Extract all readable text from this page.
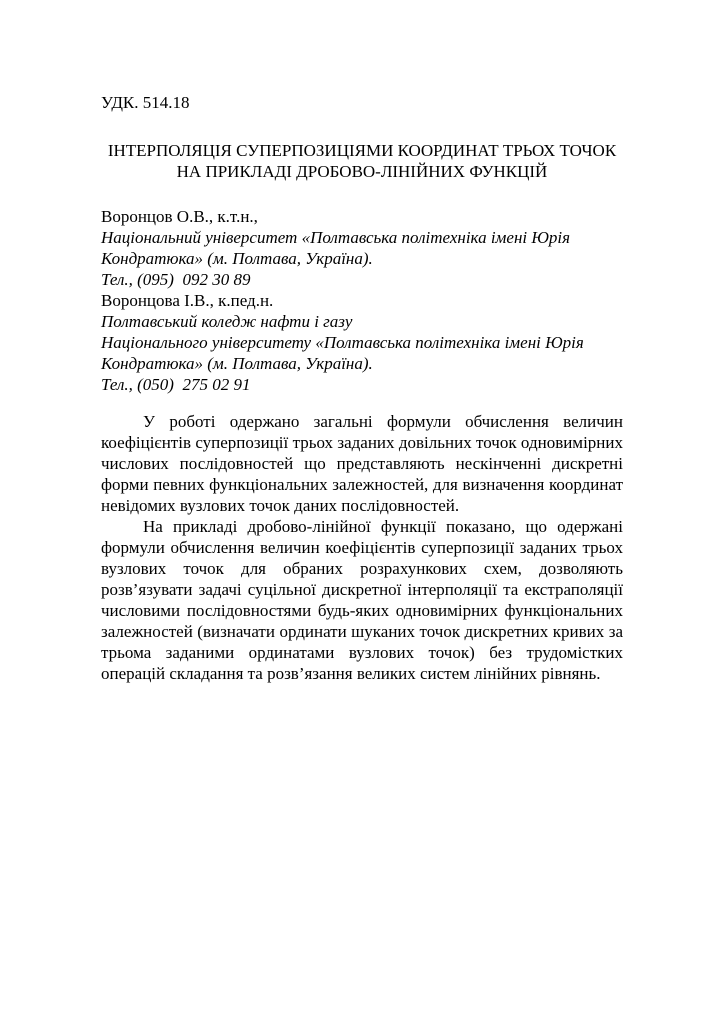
УДК. 514.18

ІНТЕРПОЛЯЦІЯ СУПЕРПОЗИЦІЯМИ КООРДИНАТ ТРЬОХ ТОЧОК
НА ПРИКЛАДІ ДРОБОВО-ЛІНІЙНИХ ФУНКЦІЙ

Воронцов О.В., к.т.н.,

Національний університет «Полтавська політехніка імені Юрія Кондратюка» (м. Полтава, Україна).

Тел., (095)  092 30 89

Воронцова І.В., к.пед.н.

Полтавський коледж нафти і газу

Національного університету «Полтавська політехніка імені Юрія Кондратюка» (м. Полтава, Україна).

Тел., (050)  275 02 91

У роботі одержано загальні формули обчислення величин коефіцієнтів суперпозиції трьох заданих довільних точок одновимірних числових послідовностей що представляють нескінченні дискретні форми певних функціональних залежностей, для визначення координат невідомих вузлових точок даних послідовностей.

На прикладі дробово-лінійної функції показано, що одержані формули обчислення величин коефіцієнтів суперпозиції заданих трьох вузлових точок для обраних розрахункових схем, дозволяють розв’язувати задачі суцільної дискретної інтерполяції та екстраполяції числовими послідовностями будь-яких одновимірних функціональних залежностей (визначати ординати шуканих точок дискретних кривих за трьома заданими ординатами вузлових точок) без трудомістких операцій складання та розв’язання великих систем лінійних рівнянь.
